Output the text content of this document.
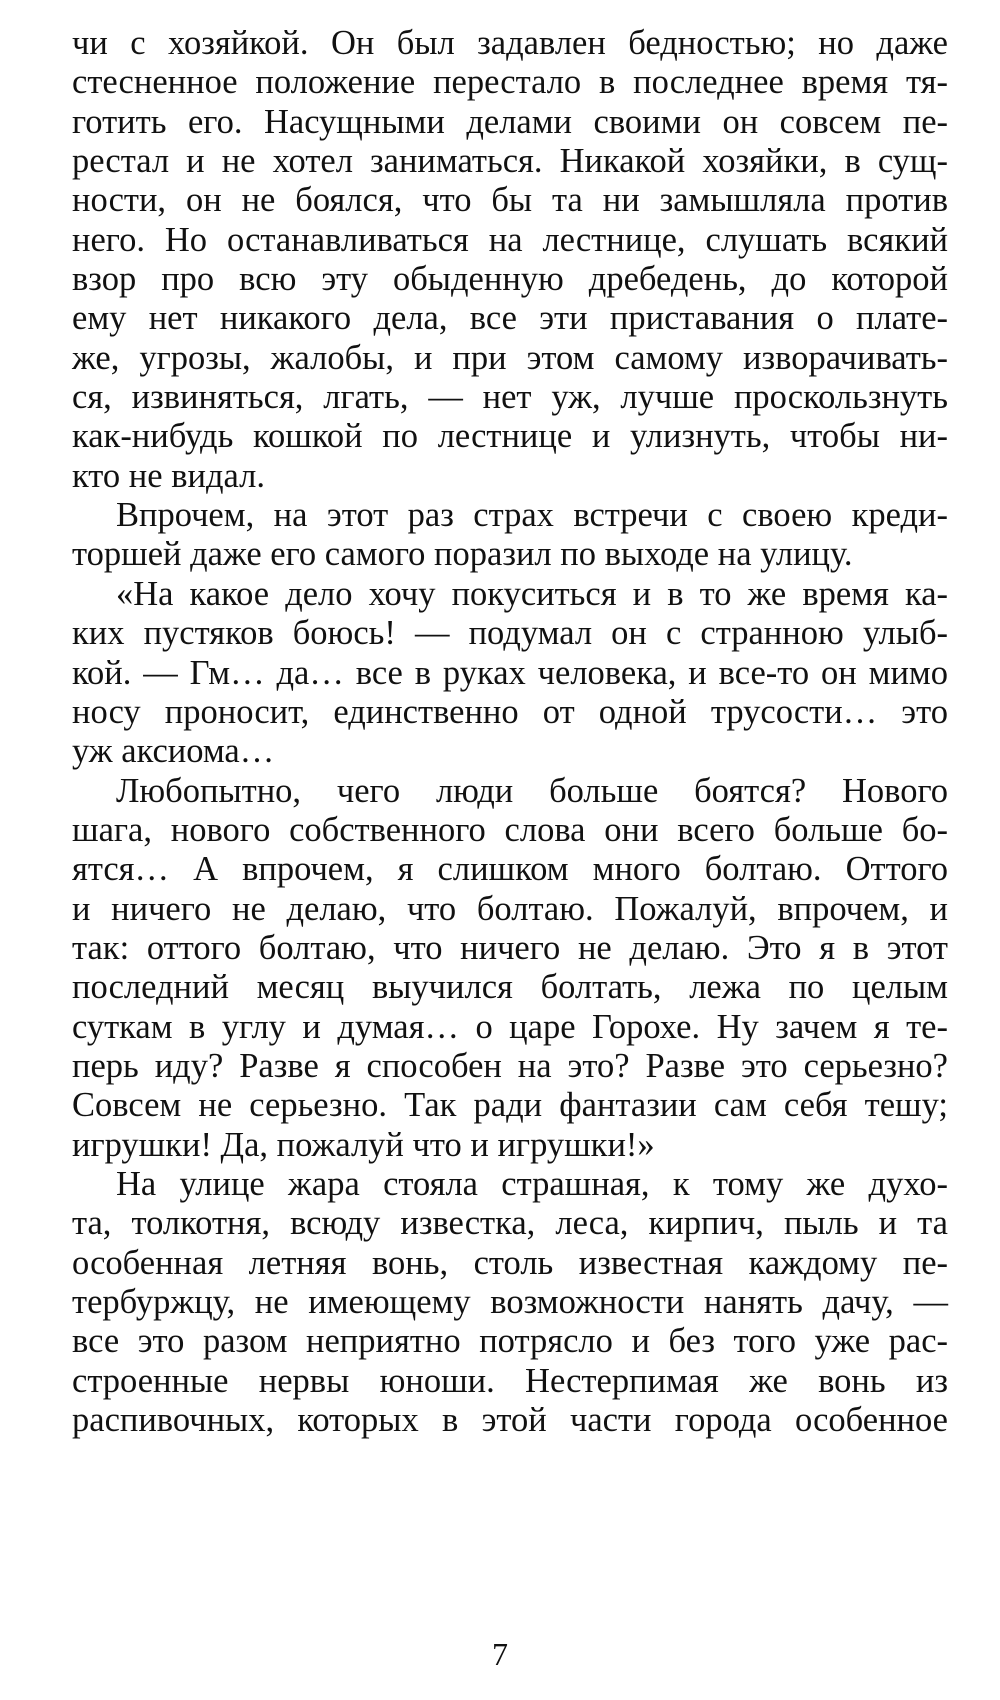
чи с хозяйкой. Он был задавлен бедностью; но даже
стесненное положение перестало в последнее время тя-
готить его. Насущными делами своими он совсем пе-
рестал и не хотел заниматься. Никакой хозяйки, в сущ-
ности, он не боялся, что бы та ни замышляла против
него. Но останавливаться на лестнице, слушать всякий
взор про всю эту обыденную дребедень, до которой
ему нет никакого дела, все эти приставания о плате-
же, угрозы, жалобы, и при этом самому изворачивать-
ся, извиняться, лгать, — нет уж, лучше проскользнуть
как-нибудь кошкой по лестнице и улизнуть, чтобы ни-
кто не видал.
Впрочем, на этот раз страх встречи с своею креди-
торшей даже его самого поразил по выходе на улицу.
«На какое дело хочу покуситься и в то же время ка-
ких пустяков боюсь! — подумал он с странною улыб-
кой. — Гм… да… все в руках человека, и все-то он мимо
носу проносит, единственно от одной трусости… это
уж аксиома…
Любопытно, чего люди больше боятся? Нового
шага, нового собственного слова они всего больше бо-
ятся… А впрочем, я слишком много болтаю. Оттого
и ничего не делаю, что болтаю. Пожалуй, впрочем, и
так: оттого болтаю, что ничего не делаю. Это я в этот
последний месяц выучился болтать, лежа по целым
суткам в углу и думая… о царе Горохе. Ну зачем я те-
перь иду? Разве я способен на это? Разве это серьезно?
Совсем не серьезно. Так ради фантазии сам себя тешу;
игрушки! Да, пожалуй что и игрушки!»
На улице жара стояла страшная, к тому же духо-
та, толкотня, всюду известка, леса, кирпич, пыль и та
особенная летняя вонь, столь известная каждому пе-
тербуржцу, не имеющему возможности нанять дачу, —
все это разом неприятно потрясло и без того уже рас-
строенные нервы юноши. Нестерпимая же вонь из
распивочных, которых в этой части города особенное
7
